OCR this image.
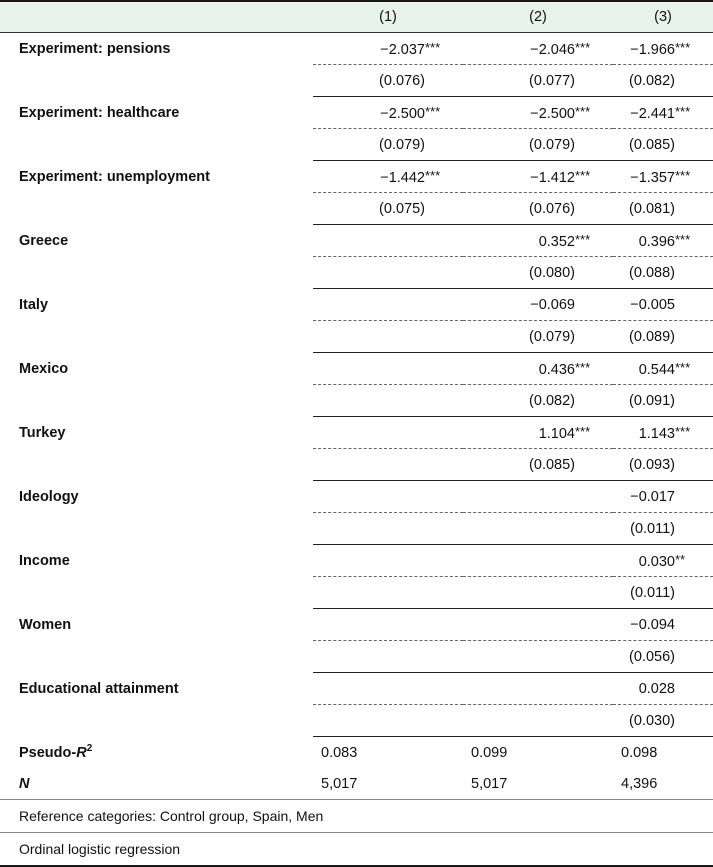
	(1)	(2)	(3)
Experiment: pensions	−2.037***	−2.046***	−1.966***
	(0.076)	(0.077)	(0.082)
Experiment: healthcare	−2.500***	−2.500***	−2.441***
	(0.079)	(0.079)	(0.085)
Experiment: unemployment	−1.442***	−1.412***	−1.357***
	(0.075)	(0.076)	(0.081)
Greece		0.352***	0.396***
		(0.080)	(0.088)
Italy		−0.069	−0.005
		(0.079)	(0.089)
Mexico		0.436***	0.544***
		(0.082)	(0.091)
Turkey		1.104***	1.143***
		(0.085)	(0.093)
Ideology			−0.017
			(0.011)
Income			0.030**
			(0.011)
Women			−0.094
			(0.056)
Educational attainment			0.028
			(0.030)
Pseudo-$R^2$	0.083	0.099	0.098
N	5,017	5,017	4,396
Reference categories: Control group, Spain, Men			
Ordinal logistic regression			
